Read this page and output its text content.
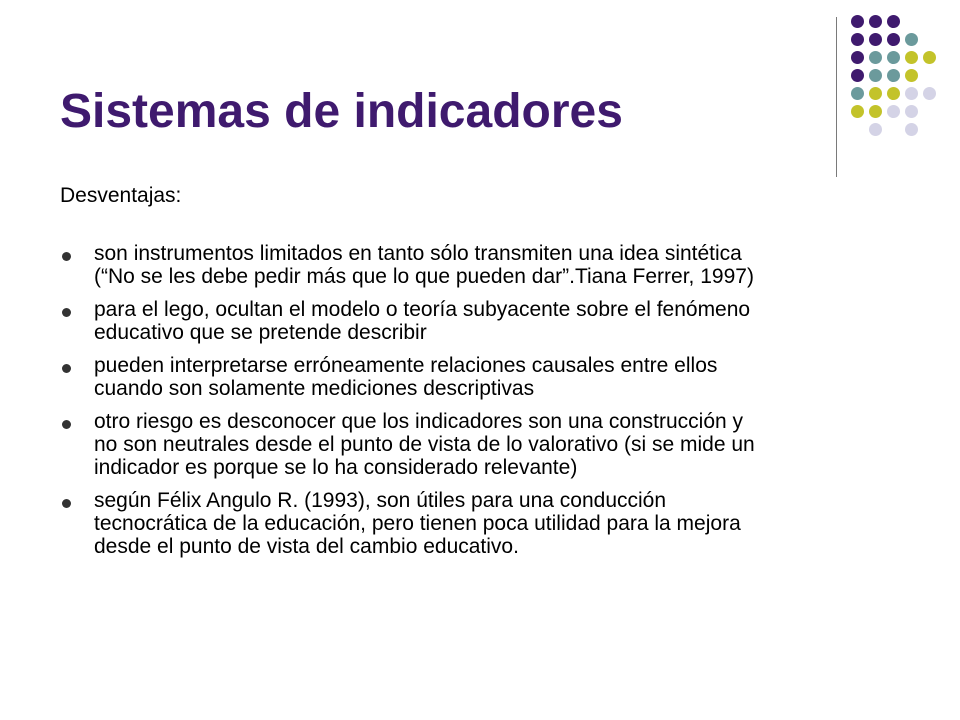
Sistemas de indicadores

Desventajas:

son instrumentos limitados en tanto sólo transmiten una idea sintética
(“No se les debe pedir más que lo que pueden dar”.Tiana Ferrer, 1997)
para el lego, ocultan el modelo o teoría subyacente sobre el fenómeno
educativo que se pretende describir
pueden interpretarse erróneamente relaciones causales entre ellos
cuando son solamente mediciones descriptivas
otro riesgo es desconocer que los indicadores son una construcción y
no son neutrales desde el punto de vista de lo valorativo (si se mide un
indicador es porque se lo ha considerado relevante)
según Félix Angulo R. (1993), son útiles para una conducción
tecnocrática de la educación, pero tienen poca utilidad para la mejora
desde el punto de vista del cambio educativo.
